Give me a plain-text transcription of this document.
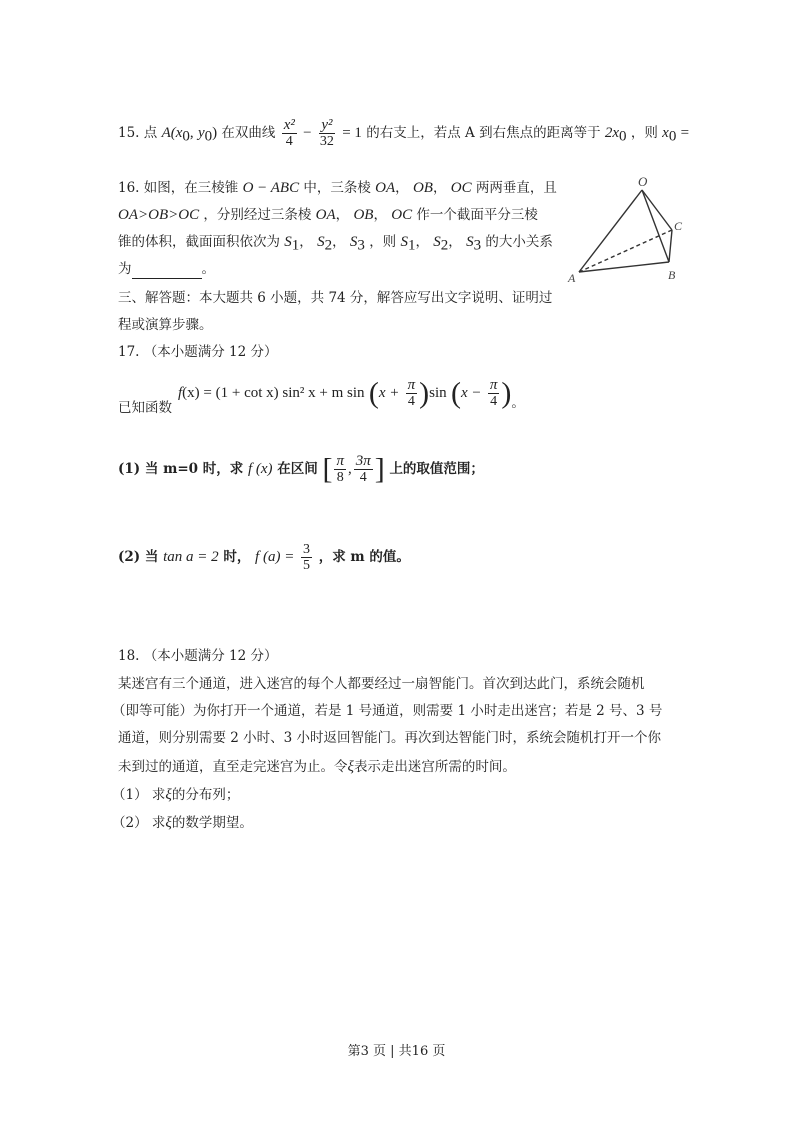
15. 点 $A(x_0$, $y_0$) 在双曲线 $\frac{\text{x²}}{4} - \frac{\text{y²}}{32} = 1$ 的右支上，若点 A 到右焦点的距离等于 $2x_0$ ，则 $x_0$ =
16. 如图，在三棱锥 O − ABC 中，三条棱 OA， OB， OC 两两垂直，且
OA>OB>OC ，分别经过三条棱 OA， OB， OC 作一个截面平分三棱
锥的体积，截面面积依次为 $S_1$， $S_2$， $S_3$ ，则 $S_1$， $S_2$， $S_3$ 的大小关系
为	。
O
A	B
C
三、解答题：本大题共 6 小题，共 74 分，解答应写出文字说明、证明过
程或演算步骤。
17. （本小题满分 12 分）
f(x) = (1 + cot x) sin² x + m $\sin (x + \frac{\pi}{4} )\sin$ ($x - \frac{\pi}{4}$ )。
已知函数
(1) 当 m=0 时，求 f (x) 在区间 [ $\frac{\pi}{8}$ , $\frac{3\pi}{4}$ ] 上的取值范围；
(2) 当 tan a = 2 时， f $(a) = \frac{3}{5}$ ，求 m 的值。
18. （本小题满分 12 分）
某迷宫有三个通道，进入迷宫的每个人都要经过一扇智能门。首次到达此门，系统会随机
（即等可能）为你打开一个通道，若是 1 号通道，则需要 1 小时走出迷宫；若是 2 号、3 号
通道，则分别需要 2 小时、3 小时返回智能门。再次到达智能门时，系统会随机打开一个你
未到过的通道，直至走完迷宫为止。令ξ表示走出迷宫所需的时间。
（1） 求ξ的分布列；
（2） 求ξ的数学期望。
第3 页 | 共16 页
